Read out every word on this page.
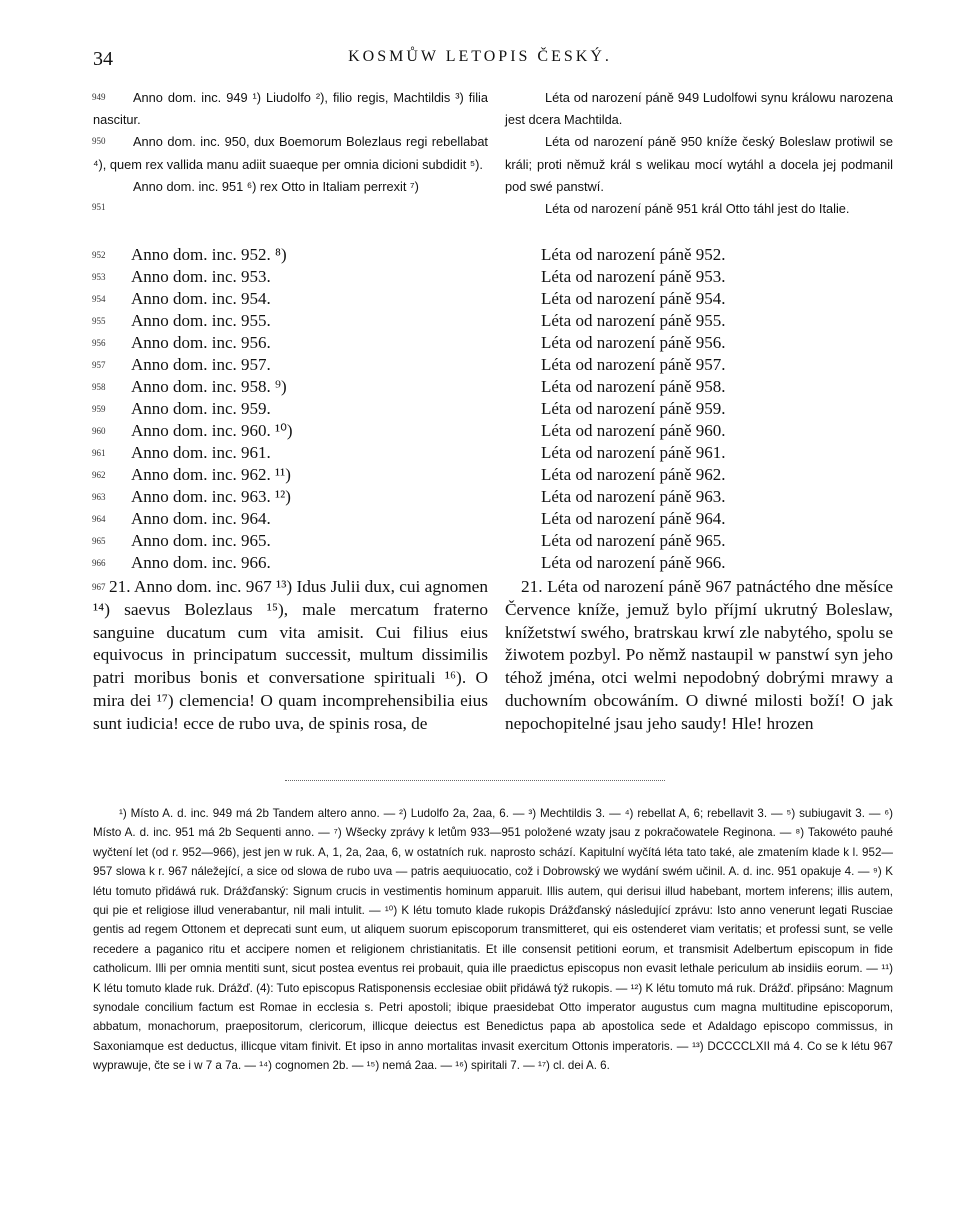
34	KOSMŮW LETOPIS ČESKÝ.
949
950
951
952
953
954
955
956
957
958
959
960
961
962
963
964
965
966
967

Anno dom. inc. 949 ¹) Liudolfo ²), filio regis, Machtildis ³) filia nascitur.

Anno dom. inc. 950, dux Boemorum Bolezlaus regi rebellabat ⁴), quem rex vallida manu adiit suaeque per omnia dicioni subdidit ⁵).

Anno dom. inc. 951 ⁶) rex Otto in Italiam perrexit ⁷)

Léta od narození páně 949 Ludolfowi synu králowu narozena jest dcera Machtilda.

Léta od narození páně 950 kníže český Boleslaw protiwil se králi; proti němuž král s welikau mocí wytáhl a docela jej podmanil pod swé panstwí.

Léta od narození páně 951 král Otto táhl jest do Italie.

Anno dom. inc. 952. ⁸)
Anno dom. inc. 953.
Anno dom. inc. 954.
Anno dom. inc. 955.
Anno dom. inc. 956.
Anno dom. inc. 957.
Anno dom. inc. 958. ⁹)
Anno dom. inc. 959.
Anno dom. inc. 960. ¹⁰)
Anno dom. inc. 961.
Anno dom. inc. 962. ¹¹)
Anno dom. inc. 963. ¹²)
Anno dom. inc. 964.
Anno dom. inc. 965.
Anno dom. inc. 966.
Léta od narození páně 952.
Léta od narození páně 953.
Léta od narození páně 954.
Léta od narození páně 955.
Léta od narození páně 956.
Léta od narození páně 957.
Léta od narození páně 958.
Léta od narození páně 959.
Léta od narození páně 960.
Léta od narození páně 961.
Léta od narození páně 962.
Léta od narození páně 963.
Léta od narození páně 964.
Léta od narození páně 965.
Léta od narození páně 966.

21. Anno dom. inc. 967 ¹³) Idus Julii dux, cui agnomen ¹⁴) saevus Bolezlaus ¹⁵), male mercatum fraterno sanguine ducatum cum vita amisit. Cui filius eius equivocus in principatum successit, multum dissimilis patri moribus bonis et conversatione spirituali ¹⁶). O mira dei ¹⁷) clemencia! O quam incomprehensibilia eius sunt iudicia! ecce de rubo uva, de spinis rosa, de

21. Léta od narození páně 967 patnáctého dne měsíce Července kníže, jemuž bylo příjmí ukrutný Boleslaw, knížetstwí swého, bratrskau krwí zle nabytého, spolu se žiwotem pozbyl. Po němž nastaupil w panstwí syn jeho téhož jména, otci welmi nepodobný dobrými mrawy a duchowním obcowáním. O diwné milosti boží! O jak nepochopitelné jsau jeho saudy! Hle! hrozen

¹) Místo A. d. inc. 949 má 2b Tandem altero anno. — ²) Ludolfo 2a, 2aa, 6. — ³) Mechtildis 3. — ⁴) rebellat A, 6; rebellavit 3. — ⁵) subiugavit 3. — ⁶) Místo A. d. inc. 951 má 2b Sequenti anno. — ⁷) Wšecky zprávy k letům 933—951 položené wzaty jsau z pokračowatele Reginona. — ⁸) Takowéto pauhé wyčtení let (od r. 952—966), jest jen w ruk. A, 1, 2a, 2aa, 6, w ostatních ruk. naprosto schází. Kapitulní wyčítá léta tato také, ale zmatením klade k l. 952—957 slowa k r. 967 náležející, a sice od slowa de rubo uva — patris aequiuocatio, což i Dobrowský we wydání swém učinil. A. d. inc. 951 opakuje 4. — ⁹) K létu tomuto přidáwá ruk. Drážďanský: Signum crucis in vestimentis hominum apparuit. Illis autem, qui derisui illud habebant, mortem inferens; illis autem, qui pie et religiose illud venerabantur, nil mali intulit. — ¹⁰) K létu tomuto klade rukopis Drážďanský následující zprávu: Isto anno venerunt legati Rusciae gentis ad regem Ottonem et deprecati sunt eum, ut aliquem suorum episcoporum transmitteret, qui eis ostenderet viam veritatis; et professi sunt, se velle recedere a paganico ritu et accipere nomen et religionem christianitatis. Et ille consensit petitioni eorum, et transmisit Adelbertum episcopum in fide catholicum. Illi per omnia mentiti sunt, sicut postea eventus rei probauit, quia ille praedictus episcopus non evasit lethale periculum ab insidiis eorum. — ¹¹) K létu tomuto klade ruk. Drážď. (4): Tuto episcopus Ratisponensis ecclesiae obiit přidáwá týž rukopis. — ¹²) K létu tomuto má ruk. Drážď. připsáno: Magnum synodale concilium factum est Romae in ecclesia s. Petri apostoli; ibique praesidebat Otto imperator augustus cum magna multitudine episcoporum, abbatum, monachorum, praepositorum, clericorum, illicque deiectus est Benedictus papa ab apostolica sede et Adaldago episcopo commissus, in Saxoniamque est deductus, illicque vitam finivit. Et ipso in anno mortalitas invasit exercitum Ottonis imperatoris. — ¹³) DCCCCLXII má 4. Co se k létu 967 wyprawuje, čte se i w 7 a 7a. — ¹⁴) cognomen 2b. — ¹⁵) nemá 2aa. — ¹⁶) spiritali 7. — ¹⁷) cl. dei A. 6.
